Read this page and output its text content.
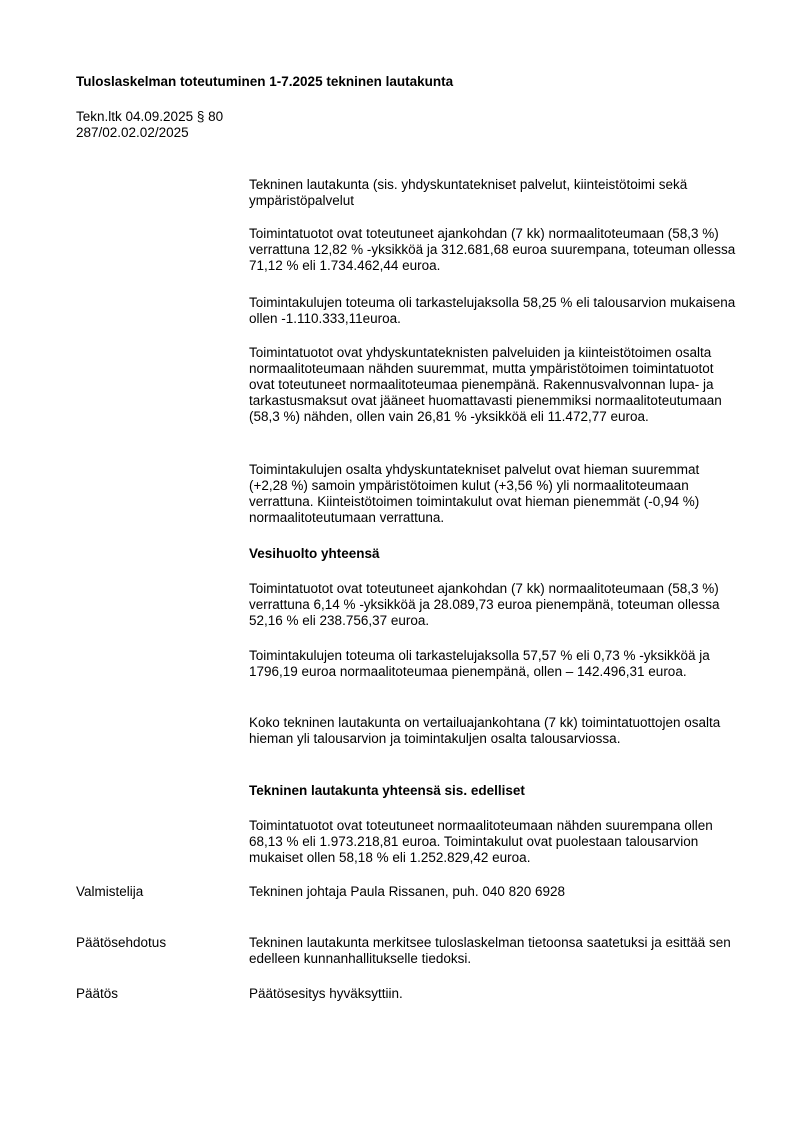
Tuloslaskelman toteutuminen 1-7.2025 tekninen lautakunta
Tekn.ltk 04.09.2025 § 80
287/02.02.02/2025

Tekninen lautakunta (sis. yhdyskuntatekniset palvelut, kiinteistötoimi sekä ympäristöpalvelut

Toimintatuotot ovat toteutuneet ajankohdan (7 kk) normaalitoteumaan (58,3 %) verrattuna 12,82 % -yksikköä ja 312.681,68 euroa suurempana, toteuman ollessa 71,12 % eli 1.734.462,44 euroa.

Toimintakulujen toteuma oli tarkastelujaksolla 58,25 % eli talousarvion mukaisena ollen -1.110.333,11euroa.

Toimintatuotot ovat yhdyskuntateknisten palveluiden ja kiinteistötoimen osalta normaalitoteumaan nähden suuremmat, mutta ympäristötoimen toimintatuotot ovat toteutuneet normaalitoteumaa pienempänä. Rakennusvalvonnan lupa- ja tarkastusmaksut ovat jääneet huomattavasti pienemmiksi normaalitoteutumaan (58,3 %) nähden, ollen vain 26,81 % -yksikköä eli 11.472,77 euroa.

Toimintakulujen osalta yhdyskuntatekniset palvelut ovat hieman suuremmat (+2,28 %) samoin ympäristötoimen kulut (+3,56 %) yli normaalitoteumaan verrattuna. Kiinteistötoimen toimintakulut ovat hieman pienemmät (-0,94 %) normaalitoteutumaan verrattuna.

Vesihuolto yhteensä

Toimintatuotot ovat toteutuneet ajankohdan (7 kk) normaalitoteumaan (58,3 %) verrattuna 6,14 % -yksikköä ja 28.089,73 euroa pienempänä, toteuman ollessa 52,16 % eli 238.756,37 euroa.

Toimintakulujen toteuma oli tarkastelujaksolla 57,57 % eli 0,73 % -yksikköä ja 1796,19 euroa normaalitoteumaa pienempänä, ollen – 142.496,31 euroa.

Koko tekninen lautakunta on vertailuajankohtana (7 kk) toimintatuottojen osalta hieman yli talousarvion ja toimintakuljen osalta talousarviossa.

Tekninen lautakunta yhteensä sis. edelliset

Toimintatuotot ovat toteutuneet normaalitoteumaan nähden suurempana ollen 68,13 % eli 1.973.218,81 euroa. Toimintakulut ovat puolestaan talousarvion mukaiset ollen 58,18 % eli 1.252.829,42 euroa.

Valmistelija	Tekninen johtaja Paula Rissanen, puh. 040 820 6928
Päätösehdotus	Tekninen lautakunta merkitsee tuloslaskelman tietoonsa saatetuksi ja esittää sen edelleen kunnanhallitukselle tiedoksi.
Päätös	Päätösesitys hyväksyttiin.
